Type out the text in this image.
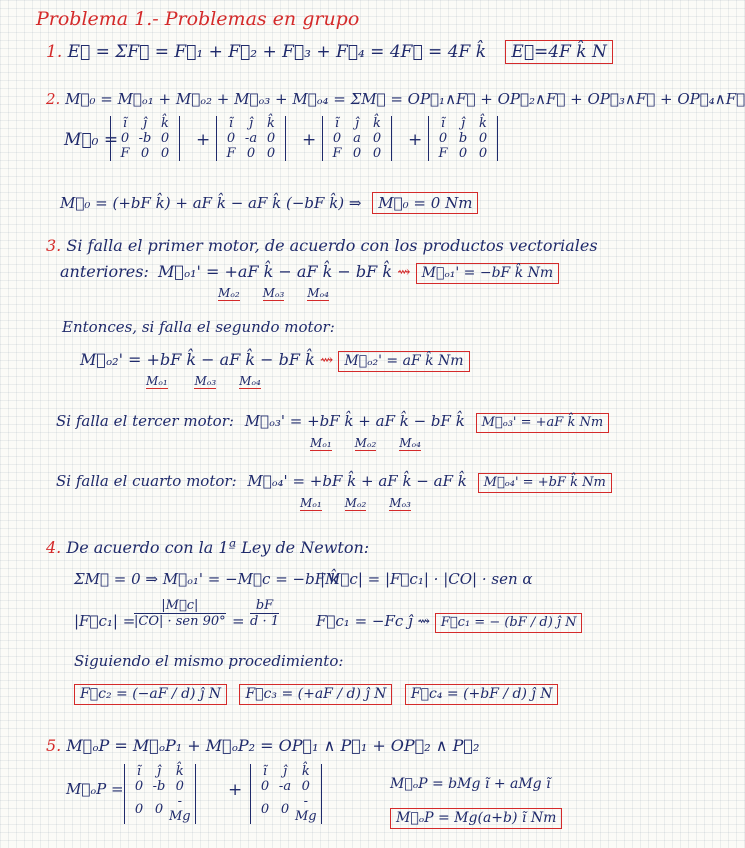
Problema 1.- Problemas en grupo
1. E⃗ = ΣF⃗ = F⃗₁ + F⃗₂ + F⃗₃ + F⃗₄ = 4F⃗ = 4F k̂ E⃗=4F k̂ N
2. M⃗₀ = M⃗ₒ₁ + M⃗ₒ₂ + M⃗ₒ₃ + M⃗ₒ₄ = ΣM⃗ = OP⃗₁∧F⃗ + OP⃗₂∧F⃗ + OP⃗₃∧F⃗ + OP⃗₄∧F⃗
M⃗₀ =
ĩ	ȷ̂	k̂
0	-b	0
F	0	0
+
ĩ	ȷ̂	k̂
0	-a	0
F	0	0
+
ĩ	ȷ̂	k̂
0	a	0
F	0	0
+
ĩ	ȷ̂	k̂
0	b	0
F	0	0
M⃗₀ = (+bF k̂) + aF k̂ − aF k̂ (−bF k̂) ⇒ M⃗₀ = 0 Nm
3. Si falla el primer motor, de acuerdo con los productos vectoriales
anteriores: M⃗ₒ₁' = +aF k̂ − aF k̂ − bF k̂ ⇝ M⃗ₒ₁' = −bF k̂ Nm
Mₒ₂ Mₒ₃ Mₒ₄
Entonces, si falla el segundo motor:
M⃗ₒ₂' = +bF k̂ − aF k̂ − bF k̂ ⇝ M⃗ₒ₂' = aF k̂ Nm
Mₒ₁ Mₒ₃ Mₒ₄
Si falla el tercer motor: M⃗ₒ₃' = +bF k̂ + aF k̂ − bF k̂ M⃗ₒ₃' = +aF k̂ Nm
Mₒ₁ Mₒ₂ Mₒ₄
Si falla el cuarto motor: M⃗ₒ₄' = +bF k̂ + aF k̂ − aF k̂ M⃗ₒ₄' = +bF k̂ Nm
Mₒ₁ Mₒ₂ Mₒ₃
4. De acuerdo con la 1ª Ley de Newton:
ΣM⃗ = 0 ⇒ M⃗ₒ₁' = −M⃗c = −bF k̂
|M⃗c| = |F⃗c₁| · |CO| · sen α
|F⃗c₁| =
|M⃗c|
|CO| · sen $90^\circ = \frac{bF}{d \cdot 1}$ F⃗c₁ = −Fc ȷ̂ ⇝ F⃗c₁ = − (bF / d) ȷ̂ N
Siguiendo el mismo procedimiento:
F⃗c₂ = (−aF / d) ȷ̂ N F⃗c₃ = (+aF / d) ȷ̂ N F⃗c₄ = (+bF / d) ȷ̂ N
5. M⃗ₒP = M⃗ₒP₁ + M⃗ₒP₂ = OP⃗₁ ∧ P⃗₁ + OP⃗₂ ∧ P⃗₂
M⃗ₒP =
ĩ	ȷ̂	k̂
0	-b	0
0	0	-Mg
+
ĩ	ȷ̂	k̂
0	-a	0
0	0	-Mg
M⃗ₒP = bMg ĩ + aMg ĩ
M⃗ₒP = Mg(a+b) ĩ Nm
